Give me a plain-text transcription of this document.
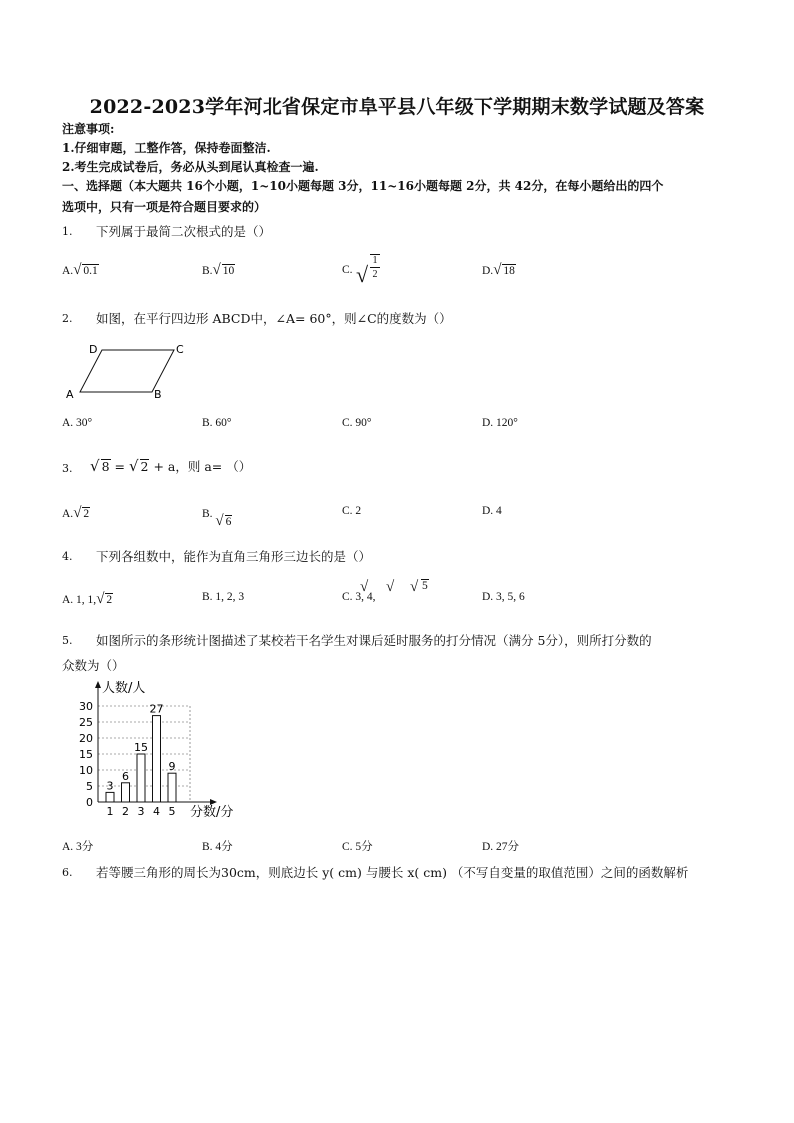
2022-2023学年河北省保定市阜平县八年级下学期期末数学试题及答案
注意事项:
1.仔细审题，工整作答，保持卷面整洁.
2.考生完成试卷后，务必从头到尾认真检查一遍.
一、选择题（本大题共 16个小题，1~10小题每题 3分，11~16小题每题 2分，共 42分，在每小题给出的四个
选项中，只有一项是符合题目要求的）
1. 下列属于最简二次根式的是（）
A.√ 0.1	B.√ 10	C. √
1
2	D.√ 18
2. 如图，在平行四边形 ABCD中，∠A= 60°，则∠C的度数为（）
A	B
C
D
A. 30°	B. 60°	C. 90°	D. 120°
3. √ 8 = √ 2 + a，则 a= （）
A.√ 2	B. √ 6
C. 2	D. 4
4. 下列各组数中，能作为直角三角形三边长的是（）
A. 1, 1,√ 2	B. 1, 2, 3	C. 3, 4,
√ √ √ 5
D. 3, 5, 6
5. 如图所示的条形统计图描述了某校若干名学生对课后延时服务的打分情况（满分 5分），则所打分数的
众数为（）
0
5
10
15
20
25
30
人数/人
分数/分
3
1
6
2
15
3
27
4
9
5
A. 3分	B. 4分	C. 5分	D. 27分
6. 若等腰三角形的周长为30cm，则底边长 y( cm) 与腰长 x( cm) （不写自变量的取值范围）之间的函数解析
